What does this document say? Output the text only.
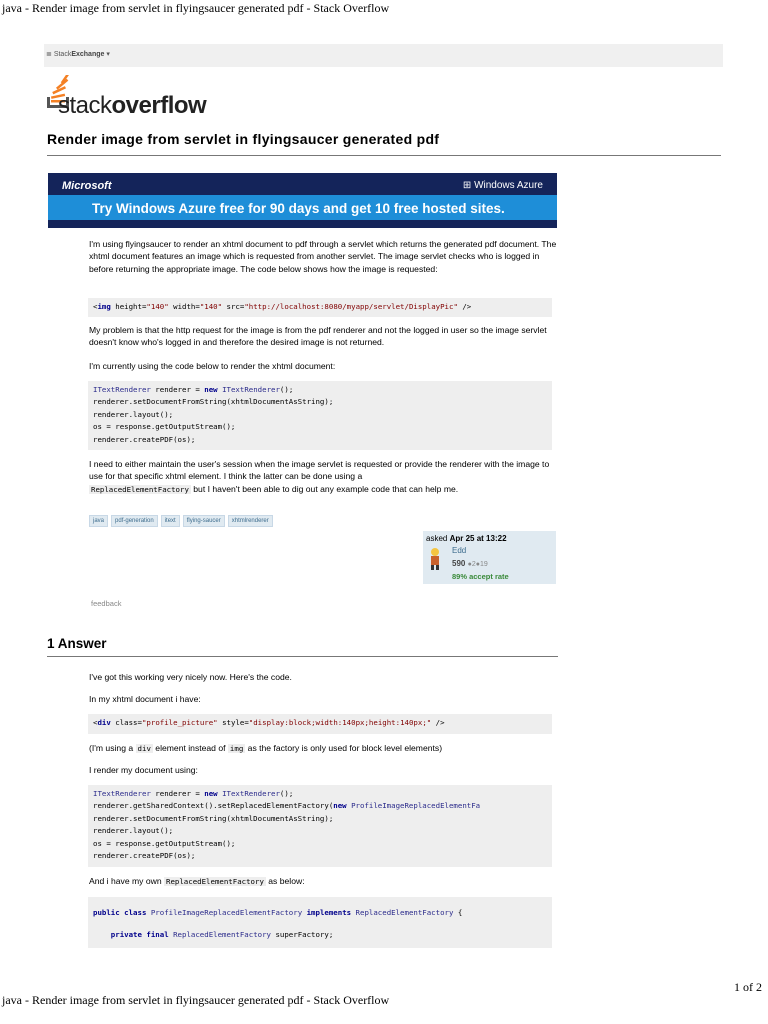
java - Render image from servlet in flyingsaucer generated pdf - Stack Overflow
≣ StackExchange ▾
stackoverflow
Render image from servlet in flyingsaucer generated pdf
Microsoft	⊞ Windows Azure
Try Windows Azure free for 90 days and get 10 free hosted sites.
I'm using flyingsaucer to render an xhtml document to pdf through a servlet which returns the generated pdf document. The xhtml document features an image which is requested from another servlet. The image servlet checks who is logged in before returning the appropriate image. The code below shows how the image is requested:
<img height="140" width="140" src="http://localhost:8080/myapp/servlet/DisplayPic" />
My problem is that the http request for the image is from the pdf renderer and not the logged in user so the image servlet doesn't know who's logged in and therefore the desired image is not returned.
I'm currently using the code below to render the xhtml document:
ITextRenderer renderer = new ITextRenderer();
renderer.setDocumentFromString(xhtmlDocumentAsString);
renderer.layout();
os = response.getOutputStream();
renderer.createPDF(os);
I need to either maintain the user's session when the image servlet is requested or provide the renderer with the image to use for that specific xhtml element. I think the latter can be done using a
ReplacedElementFactory but I haven't been able to dig out any example code that can help me.
java pdf-generation itext flying-saucer xhtmlrenderer
asked Apr 25 at 13:22
Edd
590 ●2●19
89% accept rate
feedback
1 Answer
I've got this working very nicely now. Here's the code.
In my xhtml document i have:
<div class="profile_picture" style="display:block;width:140px;height:140px;" />
(I'm using a div element instead of img as the factory is only used for block level elements)
I render my document using:
ITextRenderer renderer = new ITextRenderer();
renderer.getSharedContext().setReplacedElementFactory(new ProfileImageReplacedElementFa
renderer.setDocumentFromString(xhtmlDocumentAsString);
renderer.layout();
os = response.getOutputStream();
renderer.createPDF(os);
And i have my own ReplacedElementFactory as below:
public class ProfileImageReplacedElementFactory implements ReplacedElementFactory {
private final ReplacedElementFactory superFactory;
1 of 2
java - Render image from servlet in flyingsaucer generated pdf - Stack Overflow
